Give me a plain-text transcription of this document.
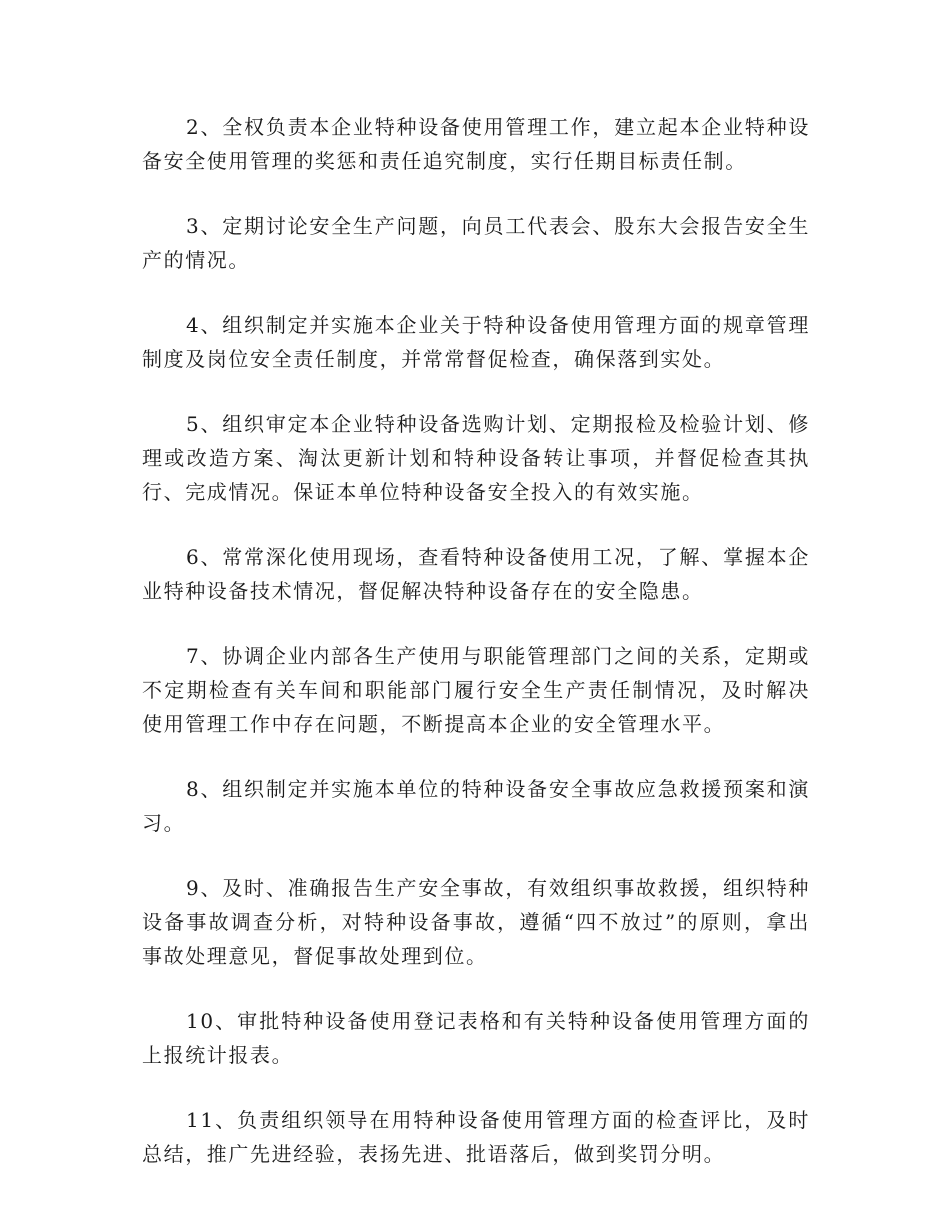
2、全权负责本企业特种设备使用管理工作，建立起本企业特种设备安全使用管理的奖惩和责任追究制度，实行任期目标责任制。

3、定期讨论安全生产问题，向员工代表会、股东大会报告安全生产的情况。

4、组织制定并实施本企业关于特种设备使用管理方面的规章管理制度及岗位安全责任制度，并常常督促检查，确保落到实处。

5、组织审定本企业特种设备选购计划、定期报检及检验计划、修理或改造方案、淘汰更新计划和特种设备转让事项，并督促检查其执行、完成情况。保证本单位特种设备安全投入的有效实施。

6、常常深化使用现场，查看特种设备使用工况，了解、掌握本企业特种设备技术情况，督促解决特种设备存在的安全隐患。

7、协调企业内部各生产使用与职能管理部门之间的关系，定期或不定期检查有关车间和职能部门履行安全生产责任制情况，及时解决使用管理工作中存在问题，不断提高本企业的安全管理水平。

8、组织制定并实施本单位的特种设备安全事故应急救援预案和演习。

9、及时、准确报告生产安全事故，有效组织事故救援，组织特种设备事故调查分析，对特种设备事故，遵循“四不放过”的原则，拿出事故处理意见，督促事故处理到位。

10、审批特种设备使用登记表格和有关特种设备使用管理方面的上报统计报表。

11、负责组织领导在用特种设备使用管理方面的检查评比，及时总结，推广先进经验，表扬先进、批语落后，做到奖罚分明。
